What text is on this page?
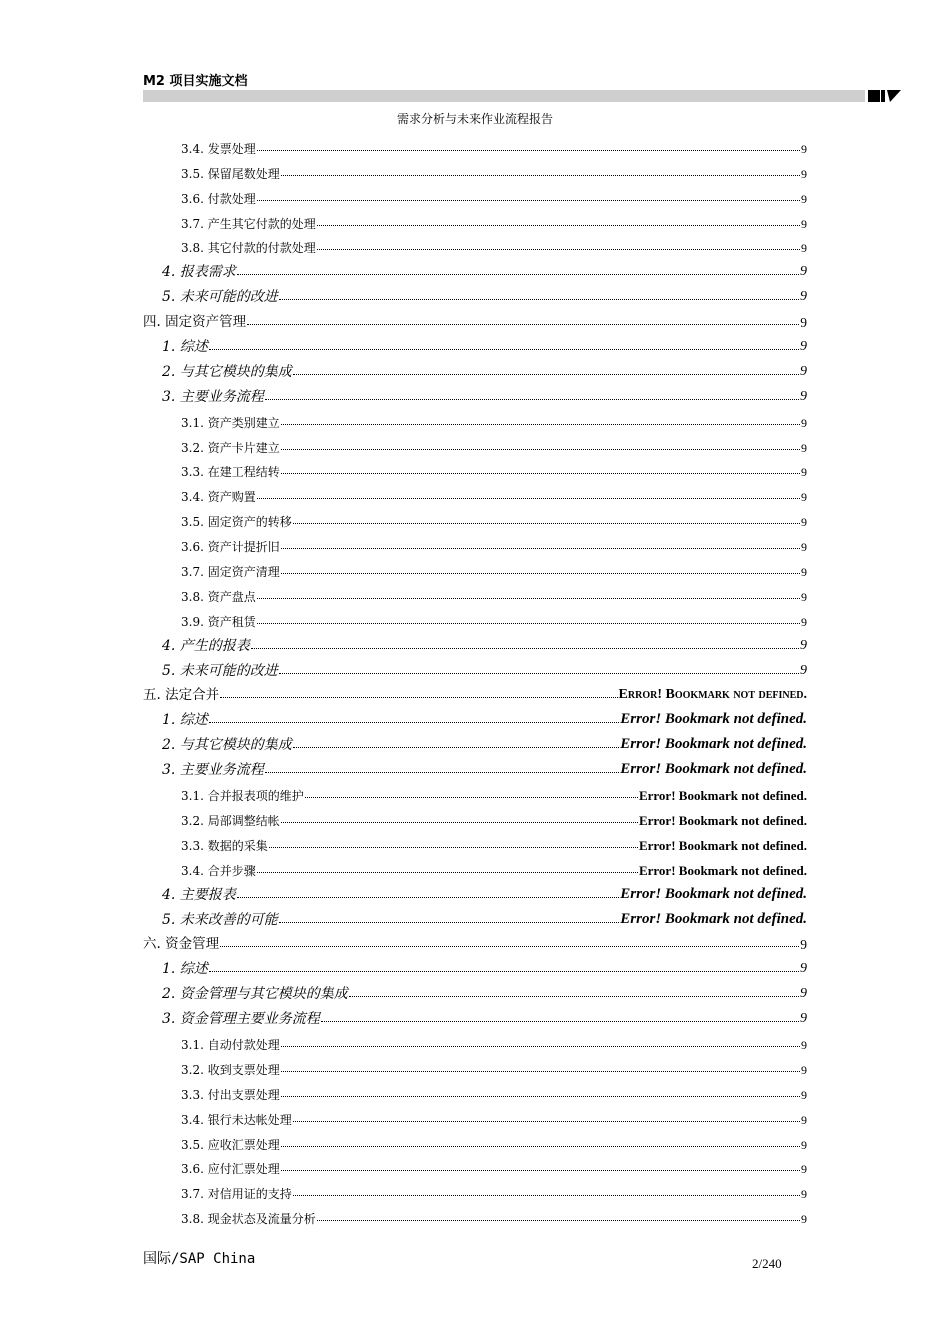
M2 项目实施文档
需求分析与未来作业流程报告
3.4. 发票处理	9
3.5. 保留尾数处理	9
3.6. 付款处理	9
3.7. 产生其它付款的处理	9
3.8. 其它付款的付款处理	9
4. 报表需求	9
5. 未来可能的改进	9
四. 固定资产管理	9
1. 综述	9
2. 与其它模块的集成	9
3. 主要业务流程	9
3.1. 资产类别建立	9
3.2. 资产卡片建立	9
3.3. 在建工程结转	9
3.4. 资产购置	9
3.5. 固定资产的转移	9
3.6. 资产计提折旧	9
3.7. 固定资产清理	9
3.8. 资产盘点	9
3.9. 资产租赁	9
4. 产生的报表	9
5. 未来可能的改进	9
五. 法定合并	Error! Bookmark not defined.
1. 综述	Error! Bookmark not defined.
2. 与其它模块的集成	Error! Bookmark not defined.
3. 主要业务流程	Error! Bookmark not defined.
3.1. 合并报表项的维护	Error! Bookmark not defined.
3.2. 局部调整结帐	Error! Bookmark not defined.
3.3. 数据的采集	Error! Bookmark not defined.
3.4. 合并步骤	Error! Bookmark not defined.
4. 主要报表	Error! Bookmark not defined.
5. 未来改善的可能	Error! Bookmark not defined.
六. 资金管理	9
1. 综述	9
2. 资金管理与其它模块的集成	9
3. 资金管理主要业务流程	9
3.1. 自动付款处理	9
3.2. 收到支票处理	9
3.3. 付出支票处理	9
3.4. 银行未达帐处理	9
3.5. 应收汇票处理	9
3.6. 应付汇票处理	9
3.7. 对信用证的支持	9
3.8. 现金状态及流量分析	9
国际/SAP China	2/240
